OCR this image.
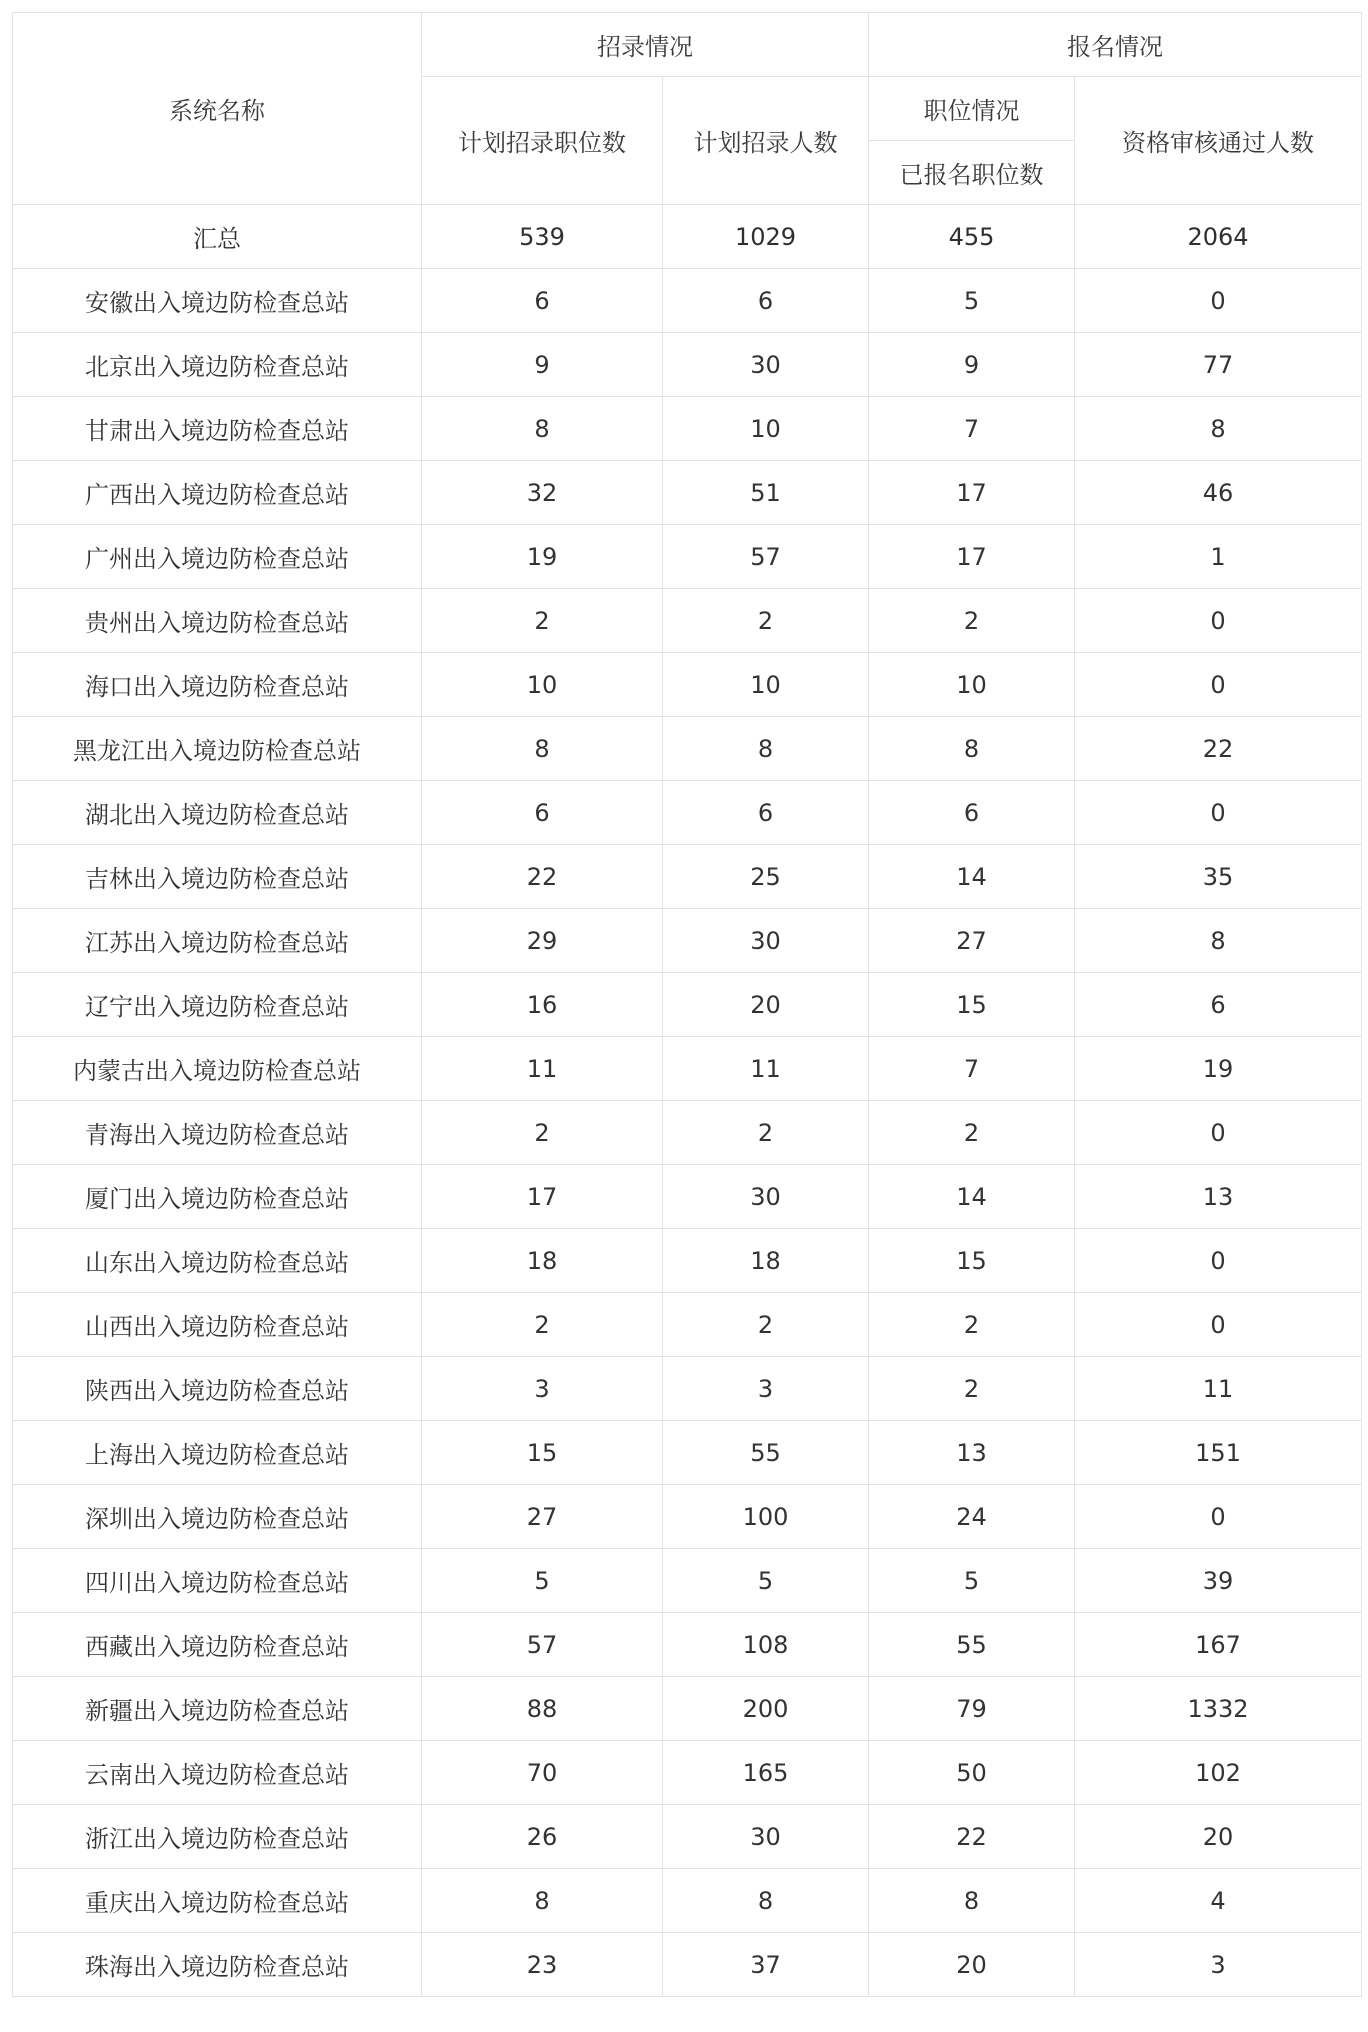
系统名称	招录情况		报名情况	
	计划招录职位数	计划招录人数	职位情况	资格审核通过人数
			已报名职位数	
汇总	539	1029	455	2064
安徽出入境边防检查总站	6	6	5	0
北京出入境边防检查总站	9	30	9	77
甘肃出入境边防检查总站	8	10	7	8
广西出入境边防检查总站	32	51	17	46
广州出入境边防检查总站	19	57	17	1
贵州出入境边防检查总站	2	2	2	0
海口出入境边防检查总站	10	10	10	0
黑龙江出入境边防检查总站	8	8	8	22
湖北出入境边防检查总站	6	6	6	0
吉林出入境边防检查总站	22	25	14	35
江苏出入境边防检查总站	29	30	27	8
辽宁出入境边防检查总站	16	20	15	6
内蒙古出入境边防检查总站	11	11	7	19
青海出入境边防检查总站	2	2	2	0
厦门出入境边防检查总站	17	30	14	13
山东出入境边防检查总站	18	18	15	0
山西出入境边防检查总站	2	2	2	0
陕西出入境边防检查总站	3	3	2	11
上海出入境边防检查总站	15	55	13	151
深圳出入境边防检查总站	27	100	24	0
四川出入境边防检查总站	5	5	5	39
西藏出入境边防检查总站	57	108	55	167
新疆出入境边防检查总站	88	200	79	1332
云南出入境边防检查总站	70	165	50	102
浙江出入境边防检查总站	26	30	22	20
重庆出入境边防检查总站	8	8	8	4
珠海出入境边防检查总站	23	37	20	3
